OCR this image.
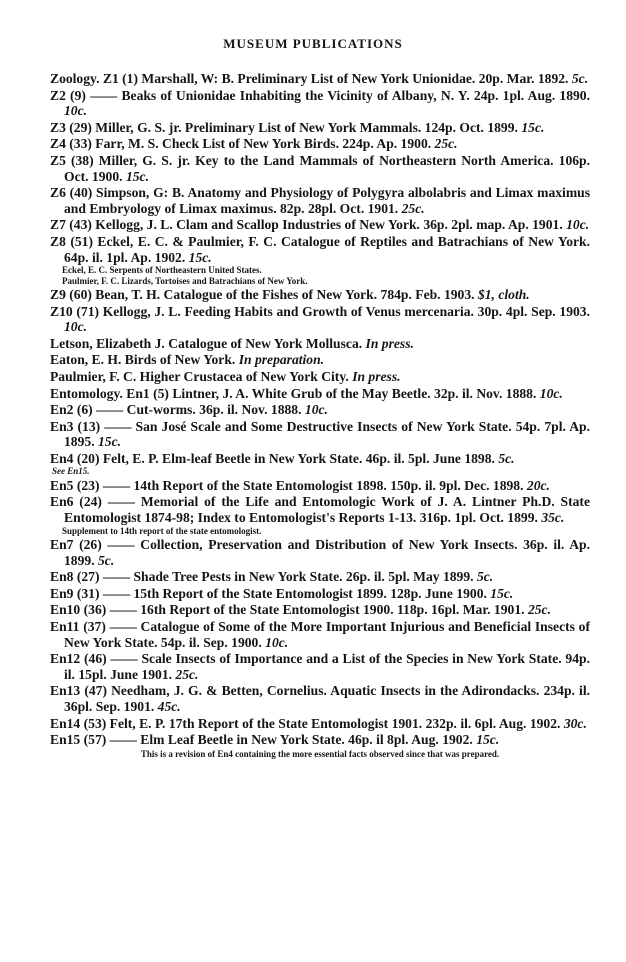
MUSEUM PUBLICATIONS
Zoology. Z1 (1) Marshall, W: B. Preliminary List of New York Unionidae. 20p. Mar. 1892. 5c.
Z2 (9) —— Beaks of Unionidae Inhabiting the Vicinity of Albany, N. Y. 24p. 1pl. Aug. 1890. 10c.
Z3 (29) Miller, G. S. jr. Preliminary List of New York Mammals. 124p. Oct. 1899. 15c.
Z4 (33) Farr, M. S. Check List of New York Birds. 224p. Ap. 1900. 25c.
Z5 (38) Miller, G. S. jr. Key to the Land Mammals of Northeastern North America. 106p. Oct. 1900. 15c.
Z6 (40) Simpson, G: B. Anatomy and Physiology of Polygyra albolabris and Limax maximus and Embryology of Limax maximus. 82p. 28pl. Oct. 1901. 25c.
Z7 (43) Kellogg, J. L. Clam and Scallop Industries of New York. 36p. 2pl. map. Ap. 1901. 10c.
Z8 (51) Eckel, E. C. & Paulmier, F. C. Catalogue of Reptiles and Batrachians of New York. 64p. il. 1pl. Ap. 1902. 15c.
Eckel, E. C. Serpents of Northeastern United States.
Paulmier, F. C. Lizards, Tortoises and Batrachians of New York.
Z9 (60) Bean, T. H. Catalogue of the Fishes of New York. 784p. Feb. 1903. $1, cloth.
Z10 (71) Kellogg, J. L. Feeding Habits and Growth of Venus mercenaria. 30p. 4pl. Sep. 1903. 10c.
Letson, Elizabeth J. Catalogue of New York Mollusca. In press.
Eaton, E. H. Birds of New York. In preparation.
Paulmier, F. C. Higher Crustacea of New York City. In press.
Entomology. En1 (5) Lintner, J. A. White Grub of the May Beetle. 32p. il. Nov. 1888. 10c.
En2 (6) —— Cut-worms. 36p. il. Nov. 1888. 10c.
En3 (13) —— San José Scale and Some Destructive Insects of New York State. 54p. 7pl. Ap. 1895. 15c.
En4 (20) Felt, E. P. Elm-leaf Beetle in New York State. 46p. il. 5pl. June 1898. 5c.
See En15.
En5 (23) —— 14th Report of the State Entomologist 1898. 150p. il. 9pl. Dec. 1898. 20c.
En6 (24) —— Memorial of the Life and Entomologic Work of J. A. Lintner Ph.D. State Entomologist 1874-98; Index to Entomologist's Reports 1-13. 316p. 1pl. Oct. 1899. 35c.
Supplement to 14th report of the state entomologist.
En7 (26) —— Collection, Preservation and Distribution of New York Insects. 36p. il. Ap. 1899. 5c.
En8 (27) —— Shade Tree Pests in New York State. 26p. il. 5pl. May 1899. 5c.
En9 (31) —— 15th Report of the State Entomologist 1899. 128p. June 1900. 15c.
En10 (36) —— 16th Report of the State Entomologist 1900. 118p. 16pl. Mar. 1901. 25c.
En11 (37) —— Catalogue of Some of the More Important Injurious and Beneficial Insects of New York State. 54p. il. Sep. 1900. 10c.
En12 (46) —— Scale Insects of Importance and a List of the Species in New York State. 94p. il. 15pl. June 1901. 25c.
En13 (47) Needham, J. G. & Betten, Cornelius. Aquatic Insects in the Adirondacks. 234p. il. 36pl. Sep. 1901. 45c.
En14 (53) Felt, E. P. 17th Report of the State Entomologist 1901. 232p. il. 6pl. Aug. 1902. 30c.
En15 (57) —— Elm Leaf Beetle in New York State. 46p. il 8pl. Aug. 1902. 15c.
This is a revision of En4 containing the more essential facts observed since that was prepared.
